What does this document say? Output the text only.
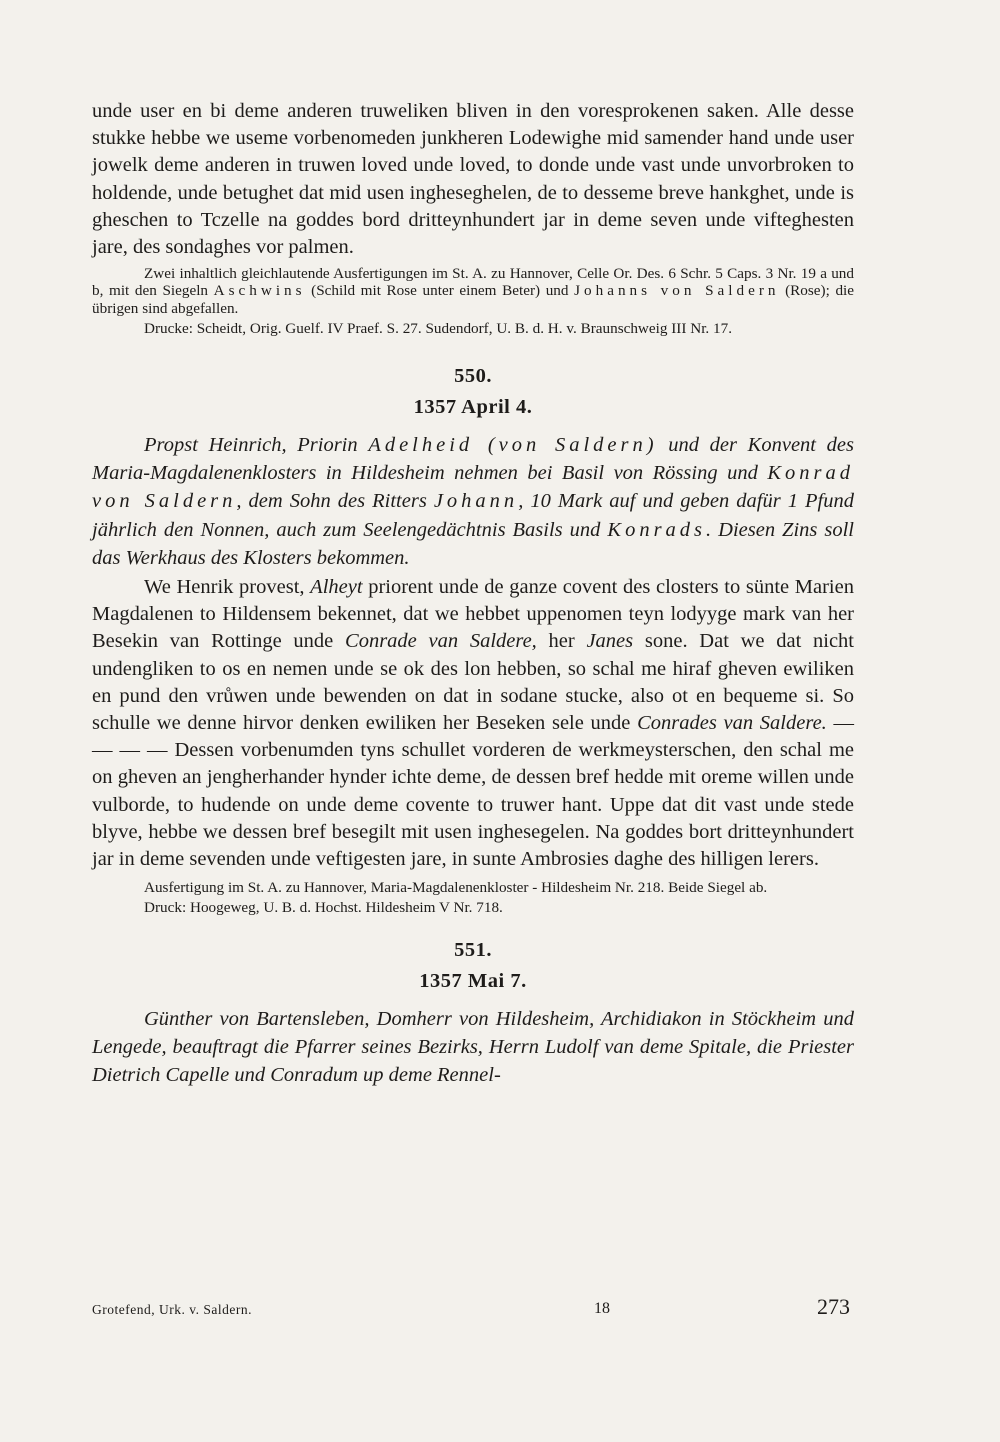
unde user en bi deme anderen truweliken bliven in den voresprokenen saken. Alle desse stukke hebbe we useme vorbenomeden junkheren Lodewighe mid samender hand unde user jowelk deme anderen in truwen loved unde loved, to donde unde vast unde unvorbroken to holdende, unde betughet dat mid usen ingheseghelen, de to desseme breve hankghet, unde is gheschen to Tczelle na goddes bord dritteynhundert jar in deme seven unde vifteghesten jare, des sondaghes vor palmen.

Zwei inhaltlich gleichlautende Ausfertigungen im St. A. zu Hannover, Celle Or. Des. 6 Schr. 5 Caps. 3 Nr. 19 a und b, mit den Siegeln Aschwins (Schild mit Rose unter einem Beter) und Johanns von Saldern (Rose); die übrigen sind abgefallen.

Drucke: Scheidt, Orig. Guelf. IV Praef. S. 27. Sudendorf, U. B. d. H. v. Braunschweig III Nr. 17.

550.

1357 April 4.

Propst Heinrich, Priorin Adelheid (von Saldern) und der Konvent des Maria-Magdalenenklosters in Hildesheim nehmen bei Basil von Rössing und Konrad von Saldern, dem Sohn des Ritters Johann, 10 Mark auf und geben dafür 1 Pfund jährlich den Nonnen, auch zum Seelengedächtnis Basils und Konrads. Diesen Zins soll das Werkhaus des Klosters bekommen.

We Henrik provest, Alheyt priorent unde de ganze covent des closters to sünte Marien Magdalenen to Hildensem bekennet, dat we hebbet uppenomen teyn lodyyge mark van her Besekin van Rottinge unde Conrade van Saldere, her Janes sone. Dat we dat nicht undengliken to os en nemen unde se ok des lon hebben, so schal me hiraf gheven ewiliken en pund den vrůwen unde bewenden on dat in sodane stucke, also ot en bequeme si. So schulle we denne hirvor denken ewiliken her Beseken sele unde Conrades van Saldere. — — — — Dessen vorbenumden tyns schullet vorderen de werkmeysterschen, den schal me on gheven an jengherhander hynder ichte deme, de dessen bref hedde mit oreme willen unde vulborde, to hudende on unde deme covente to truwer hant. Uppe dat dit vast unde stede blyve, hebbe we dessen bref besegilt mit usen inghesegelen. Na goddes bort dritteynhundert jar in deme sevenden unde veftigesten jare, in sunte Ambrosies daghe des hilligen lerers.

Ausfertigung im St. A. zu Hannover, Maria-Magdalenenkloster - Hildesheim Nr. 218. Beide Siegel ab.

Druck: Hoogeweg, U. B. d. Hochst. Hildesheim V Nr. 718.

551.

1357 Mai 7.

Günther von Bartensleben, Domherr von Hildesheim, Archidiakon in Stöckheim und Lengede, beauftragt die Pfarrer seines Bezirks, Herrn Ludolf van deme Spitale, die Priester Dietrich Capelle und Conradum up deme Rennel-

Grotefend, Urk. v. Saldern.	18	273
